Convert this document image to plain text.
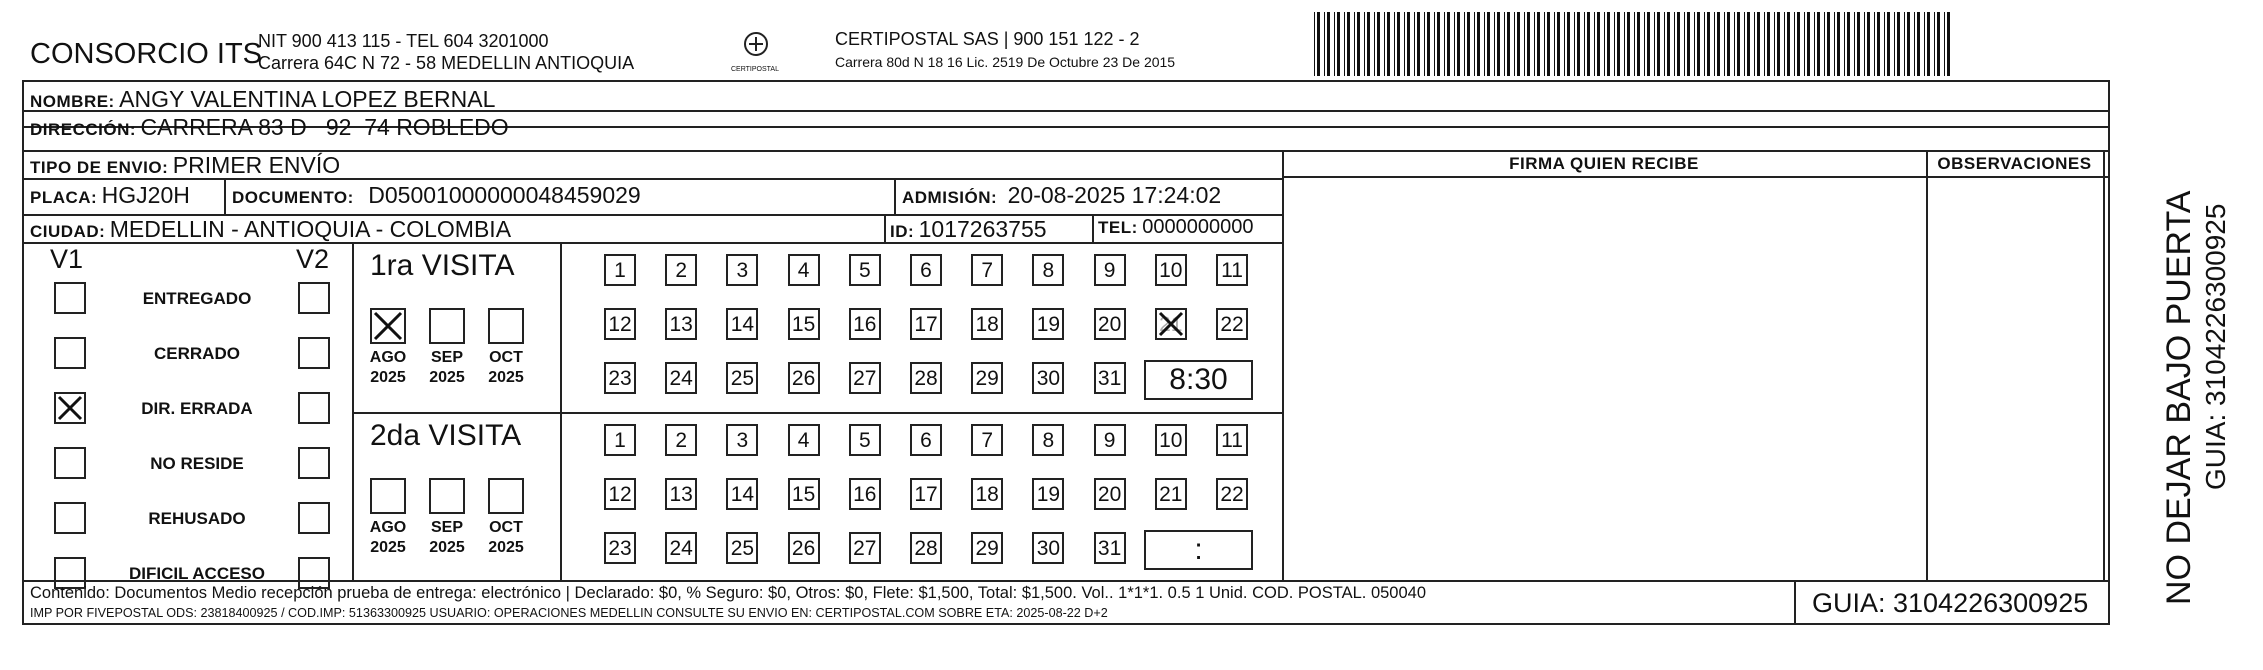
CONSORCIO ITS
NIT 900 413 115 - TEL 604 3201000
Carrera 64C N 72 - 58 MEDELLIN ANTIOQUIA	CERTIPOSTAL
CERTIPOSTAL SAS | 900 151 122 - 2
Carrera 80d N 18 16 Lic. 2519 De Octubre 23 De 2015
NOMBRE: ANGY VALENTINA LOPEZ BERNAL
DIRECCIÓN: CARRERA 83 D   92  74 ROBLEDO
TIPO DE ENVIO: PRIMER ENVÍO
PLACA: HGJ20H DOCUMENTO: D05001000000048459029	ADMISIÓN: 20-08-2025 17:24:02
CIUDAD: MEDELLIN - ANTIOQUIA - COLOMBIA	ID: 1017263755	TEL: 0000000000
FIRMA QUIEN RECIBE	OBSERVACIONES
V1	V2
ENTREGADO
CERRADO
DIR. ERRADA
NO RESIDE
REHUSADO
DIFICIL ACCESO
1ra VISITA
AGO
2025
SEP
2025
OCT
2025
1	2	3	4	5	6	7	8	9	10 11
12 13 14 15 16 17 18 19 20 21 22
23 24 25 26 27 28 29 30 31	8:30
2da VISITA
AGO
2025
SEP
2025
OCT
2025
1	2	3	4	5	6	7	8	9	10 11
12 13 14 15 16 17 18 19 20 21 22
23 24 25 26 27 28 29 30 31	:
Contenido: Documentos Medio recepción prueba de entrega: electrónico | Declarado: $0, % Seguro: $0, Otros: $0, Flete: $1,500, Total: $1,500. Vol.. 1*1*1. 0.5 1 Unid. COD. POSTAL. 050040
IMP POR FIVEPOSTAL ODS: 23818400925 / COD.IMP: 51363300925 USUARIO: OPERACIONES MEDELLIN CONSULTE SU ENVIO EN: CERTIPOSTAL.COM SOBRE ETA: 2025-08-22 D+2	GUIA: 3104226300925 NO DEJAR BAJO PUERTA GUIA: 3104226300925
